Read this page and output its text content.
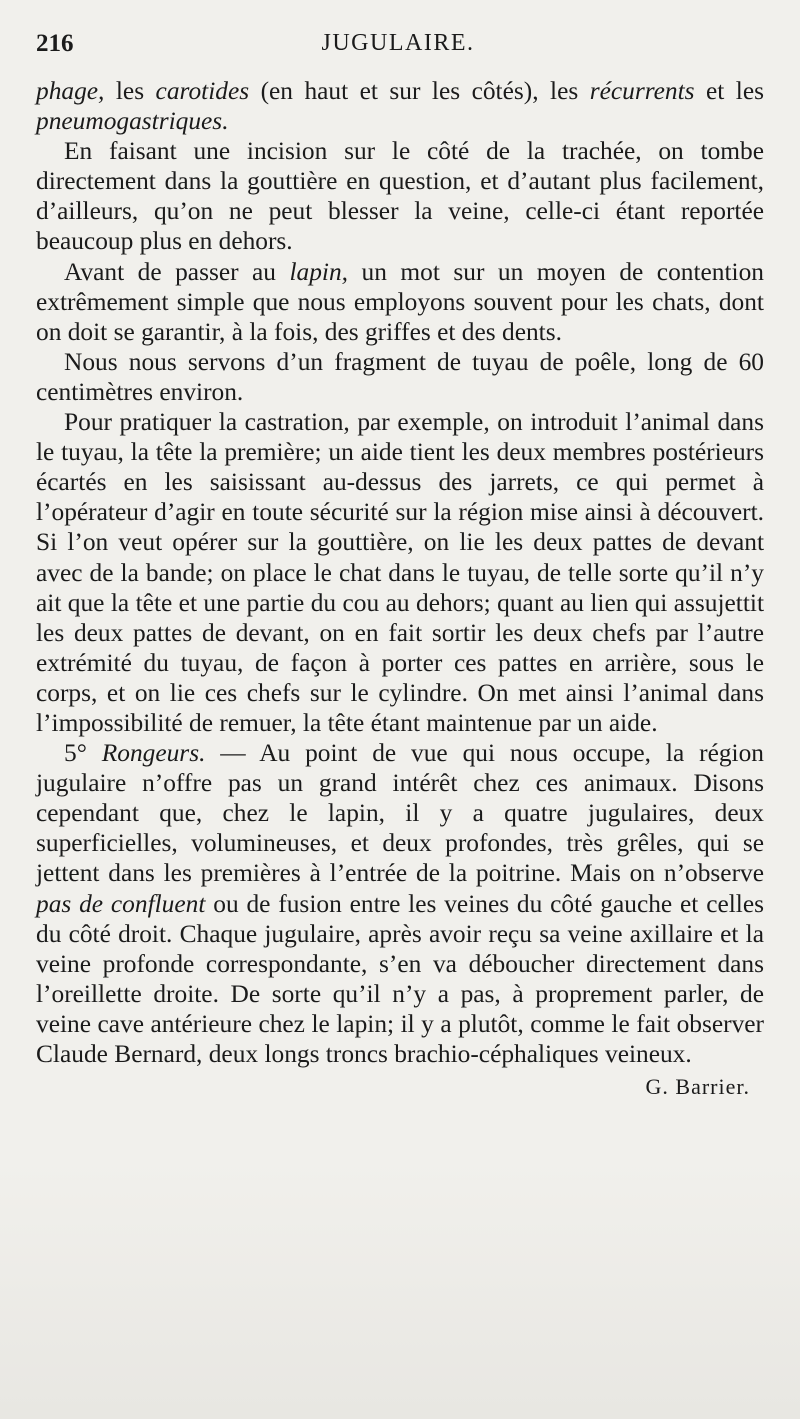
216	JUGULAIRE.

phage, les carotides (en haut et sur les côtés), les récurrents et les pneumogastriques.

En faisant une incision sur le côté de la trachée, on tombe directement dans la gouttière en question, et d’autant plus facilement, d’ailleurs, qu’on ne peut blesser la veine, celle-ci étant reportée beaucoup plus en dehors.

Avant de passer au lapin, un mot sur un moyen de contention extrêmement simple que nous employons souvent pour les chats, dont on doit se garantir, à la fois, des griffes et des dents.

Nous nous servons d’un fragment de tuyau de poêle, long de 60 centimètres environ.

Pour pratiquer la castration, par exemple, on introduit l’animal dans le tuyau, la tête la première; un aide tient les deux membres postérieurs écartés en les saisissant au-dessus des jarrets, ce qui permet à l’opérateur d’agir en toute sécurité sur la région mise ainsi à découvert. Si l’on veut opérer sur la gouttière, on lie les deux pattes de devant avec de la bande; on place le chat dans le tuyau, de telle sorte qu’il n’y ait que la tête et une partie du cou au dehors; quant au lien qui assujettit les deux pattes de devant, on en fait sortir les deux chefs par l’autre extrémité du tuyau, de façon à porter ces pattes en arrière, sous le corps, et on lie ces chefs sur le cylindre. On met ainsi l’animal dans l’impossibilité de remuer, la tête étant maintenue par un aide.

5° Rongeurs. — Au point de vue qui nous occupe, la région jugulaire n’offre pas un grand intérêt chez ces animaux. Disons cependant que, chez le lapin, il y a quatre jugulaires, deux superficielles, volumineuses, et deux profondes, très grêles, qui se jettent dans les premières à l’entrée de la poitrine. Mais on n’observe pas de confluent ou de fusion entre les veines du côté gauche et celles du côté droit. Chaque jugulaire, après avoir reçu sa veine axillaire et la veine profonde correspondante, s’en va déboucher directement dans l’oreillette droite. De sorte qu’il n’y a pas, à proprement parler, de veine cave antérieure chez le lapin; il y a plutôt, comme le fait observer Claude Bernard, deux longs troncs brachio-céphaliques veineux.

G. Barrier.
